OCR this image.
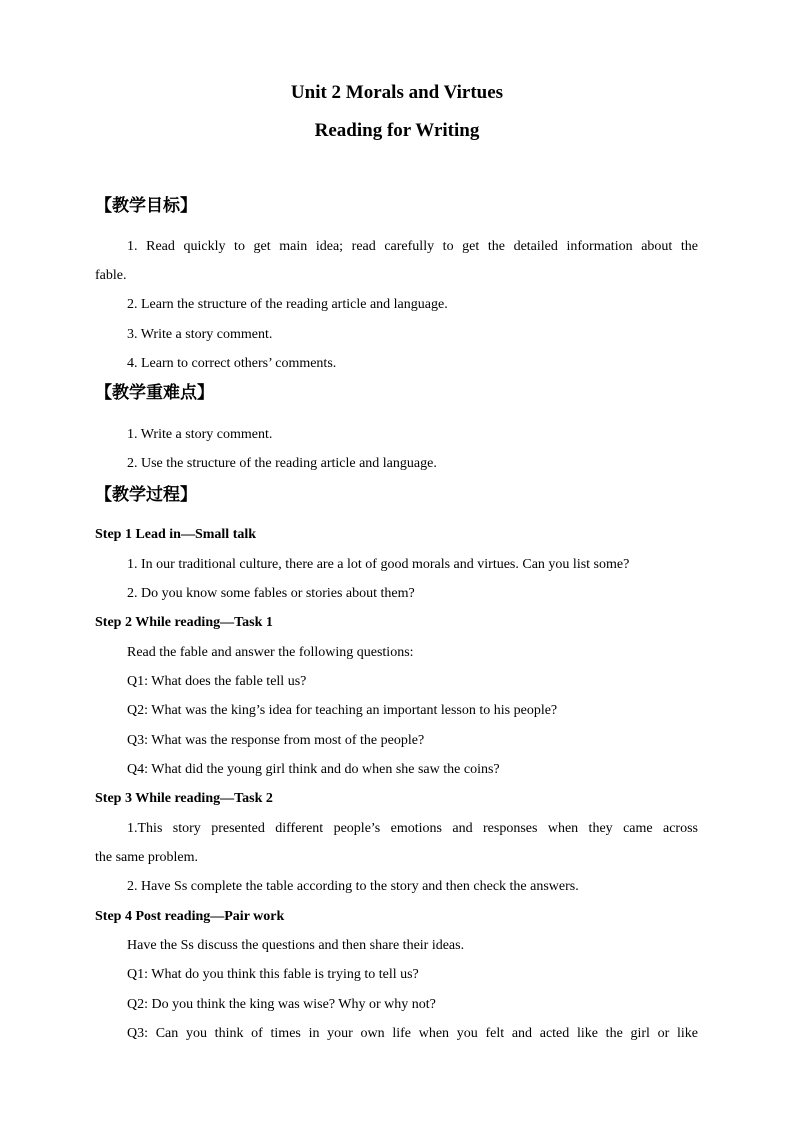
Unit 2 Morals and Virtues
Reading for Writing
【教学目标】
1. Read quickly to get main idea; read carefully to get the detailed information about the
fable.
2. Learn the structure of the reading article and language.
3. Write a story comment.
4. Learn to correct others’ comments.
【教学重难点】
1. Write a story comment.
2. Use the structure of the reading article and language.
【教学过程】
Step 1 Lead in—Small talk
1. In our traditional culture, there are a lot of good morals and virtues. Can you list some?
2. Do you know some fables or stories about them?
Step 2 While reading—Task 1
Read the fable and answer the following questions:
Q1: What does the fable tell us?
Q2: What was the king’s idea for teaching an important lesson to his people?
Q3: What was the response from most of the people?
Q4: What did the young girl think and do when she saw the coins?
Step 3 While reading—Task 2
1.This story presented different people’s emotions and responses when they came across
the same problem.
2. Have Ss complete the table according to the story and then check the answers.
Step 4 Post reading—Pair work
Have the Ss discuss the questions and then share their ideas.
Q1: What do you think this fable is trying to tell us?
Q2: Do you think the king was wise? Why or why not?
Q3: Can you think of times in your own life when you felt and acted like the girl or like
